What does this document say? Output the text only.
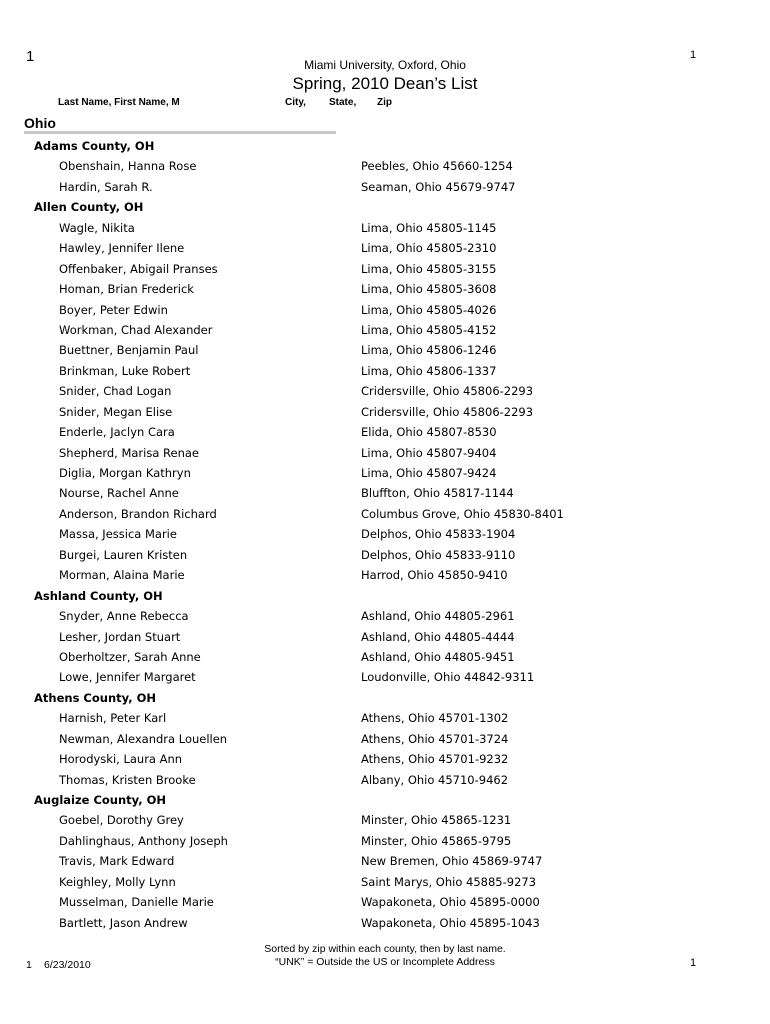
1	1
Miami University, Oxford, Ohio
Spring, 2010 Dean’s List
Last Name, First Name, M	City, State, Zip
Ohio
Adams County, OH
Obenshain, Hanna Rose	Peebles, Ohio 45660-1254
Hardin, Sarah R.	Seaman, Ohio 45679-9747
Allen County, OH
Wagle, Nikita	Lima, Ohio 45805-1145
Hawley, Jennifer Ilene	Lima, Ohio 45805-2310
Offenbaker, Abigail Pranses	Lima, Ohio 45805-3155
Homan, Brian Frederick	Lima, Ohio 45805-3608
Boyer, Peter Edwin	Lima, Ohio 45805-4026
Workman, Chad Alexander	Lima, Ohio 45805-4152
Buettner, Benjamin Paul	Lima, Ohio 45806-1246
Brinkman, Luke Robert	Lima, Ohio 45806-1337
Snider, Chad Logan	Cridersville, Ohio 45806-2293
Snider, Megan Elise	Cridersville, Ohio 45806-2293
Enderle, Jaclyn Cara	Elida, Ohio 45807-8530
Shepherd, Marisa Renae	Lima, Ohio 45807-9404
Diglia, Morgan Kathryn	Lima, Ohio 45807-9424
Nourse, Rachel Anne	Bluffton, Ohio 45817-1144
Anderson, Brandon Richard	Columbus Grove, Ohio 45830-8401
Massa, Jessica Marie	Delphos, Ohio 45833-1904
Burgei, Lauren Kristen	Delphos, Ohio 45833-9110
Morman, Alaina Marie	Harrod, Ohio 45850-9410
Ashland County, OH
Snyder, Anne Rebecca	Ashland, Ohio 44805-2961
Lesher, Jordan Stuart	Ashland, Ohio 44805-4444
Oberholtzer, Sarah Anne	Ashland, Ohio 44805-9451
Lowe, Jennifer Margaret	Loudonville, Ohio 44842-9311
Athens County, OH
Harnish, Peter Karl	Athens, Ohio 45701-1302
Newman, Alexandra Louellen	Athens, Ohio 45701-3724
Horodyski, Laura Ann	Athens, Ohio 45701-9232
Thomas, Kristen Brooke	Albany, Ohio 45710-9462
Auglaize County, OH
Goebel, Dorothy Grey	Minster, Ohio 45865-1231
Dahlinghaus, Anthony Joseph	Minster, Ohio 45865-9795
Travis, Mark Edward	New Bremen, Ohio 45869-9747
Keighley, Molly Lynn	Saint Marys, Ohio 45885-9273
Musselman, Danielle Marie	Wapakoneta, Ohio 45895-0000
Bartlett, Jason Andrew	Wapakoneta, Ohio 45895-1043
Sorted by zip within each county, then by last name.
“UNK” = Outside the US or Incomplete Address
1 6/23/2010	1
